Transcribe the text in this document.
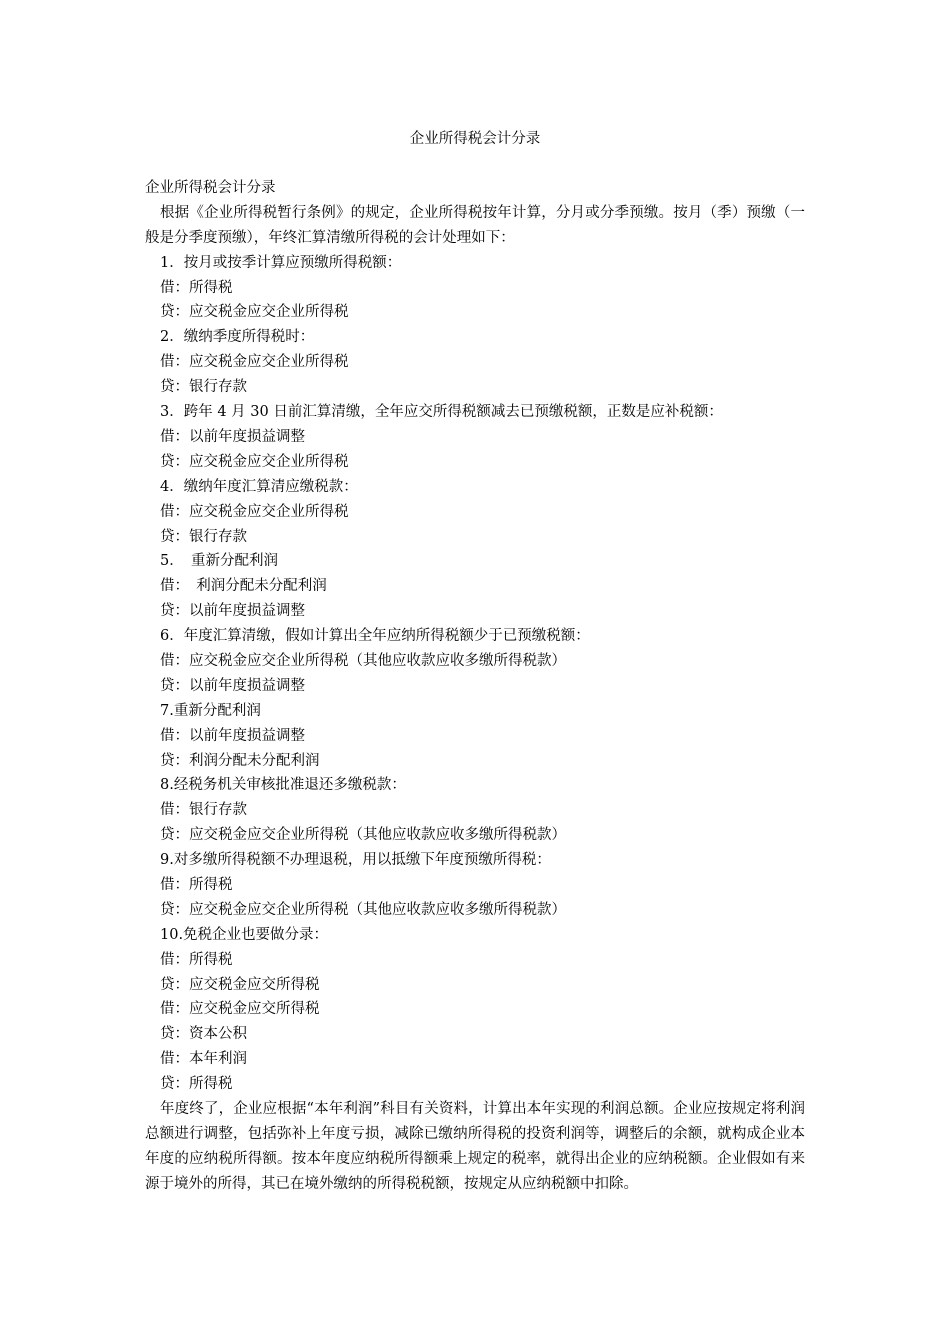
企业所得税会计分录
企业所得税会计分录
根据《企业所得税暂行条例》的规定，企业所得税按年计算，分月或分季预缴。按月（季）预缴（一般是分季度预缴），年终汇算清缴所得税的会计处理如下：
1．按月或按季计算应预缴所得税额：
借：所得税
贷：应交税金应交企业所得税
2．缴纳季度所得税时：
借：应交税金应交企业所得税
贷：银行存款
3．跨年 4 月 30 日前汇算清缴，全年应交所得税额减去已预缴税额，正数是应补税额：
借：以前年度损益调整
贷：应交税金应交企业所得税
4．缴纳年度汇算清应缴税款：
借：应交税金应交企业所得税
贷：银行存款
5．　重新分配利润
借：　利润分配未分配利润
贷：以前年度损益调整
6．年度汇算清缴，假如计算出全年应纳所得税额少于已预缴税额：
借：应交税金应交企业所得税（其他应收款应收多缴所得税款）
贷：以前年度损益调整
7.重新分配利润
借：以前年度损益调整
贷：利润分配未分配利润
8.经税务机关审核批准退还多缴税款：
借：银行存款
贷：应交税金应交企业所得税（其他应收款应收多缴所得税款）
9.对多缴所得税额不办理退税，用以抵缴下年度预缴所得税：
借：所得税
贷：应交税金应交企业所得税（其他应收款应收多缴所得税款）
10.免税企业也要做分录：
借：所得税
贷：应交税金应交所得税
借：应交税金应交所得税
贷：资本公积
借：本年利润
贷：所得税
年度终了，企业应根据“本年利润”科目有关资料，计算出本年实现的利润总额。企业应按规定将利润总额进行调整，包括弥补上年度亏损，减除已缴纳所得税的投资利润等，调整后的余额，就构成企业本年度的应纳税所得额。按本年度应纳税所得额乘上规定的税率，就得出企业的应纳税额。企业假如有来源于境外的所得，其已在境外缴纳的所得税税额，按规定从应纳税额中扣除。
